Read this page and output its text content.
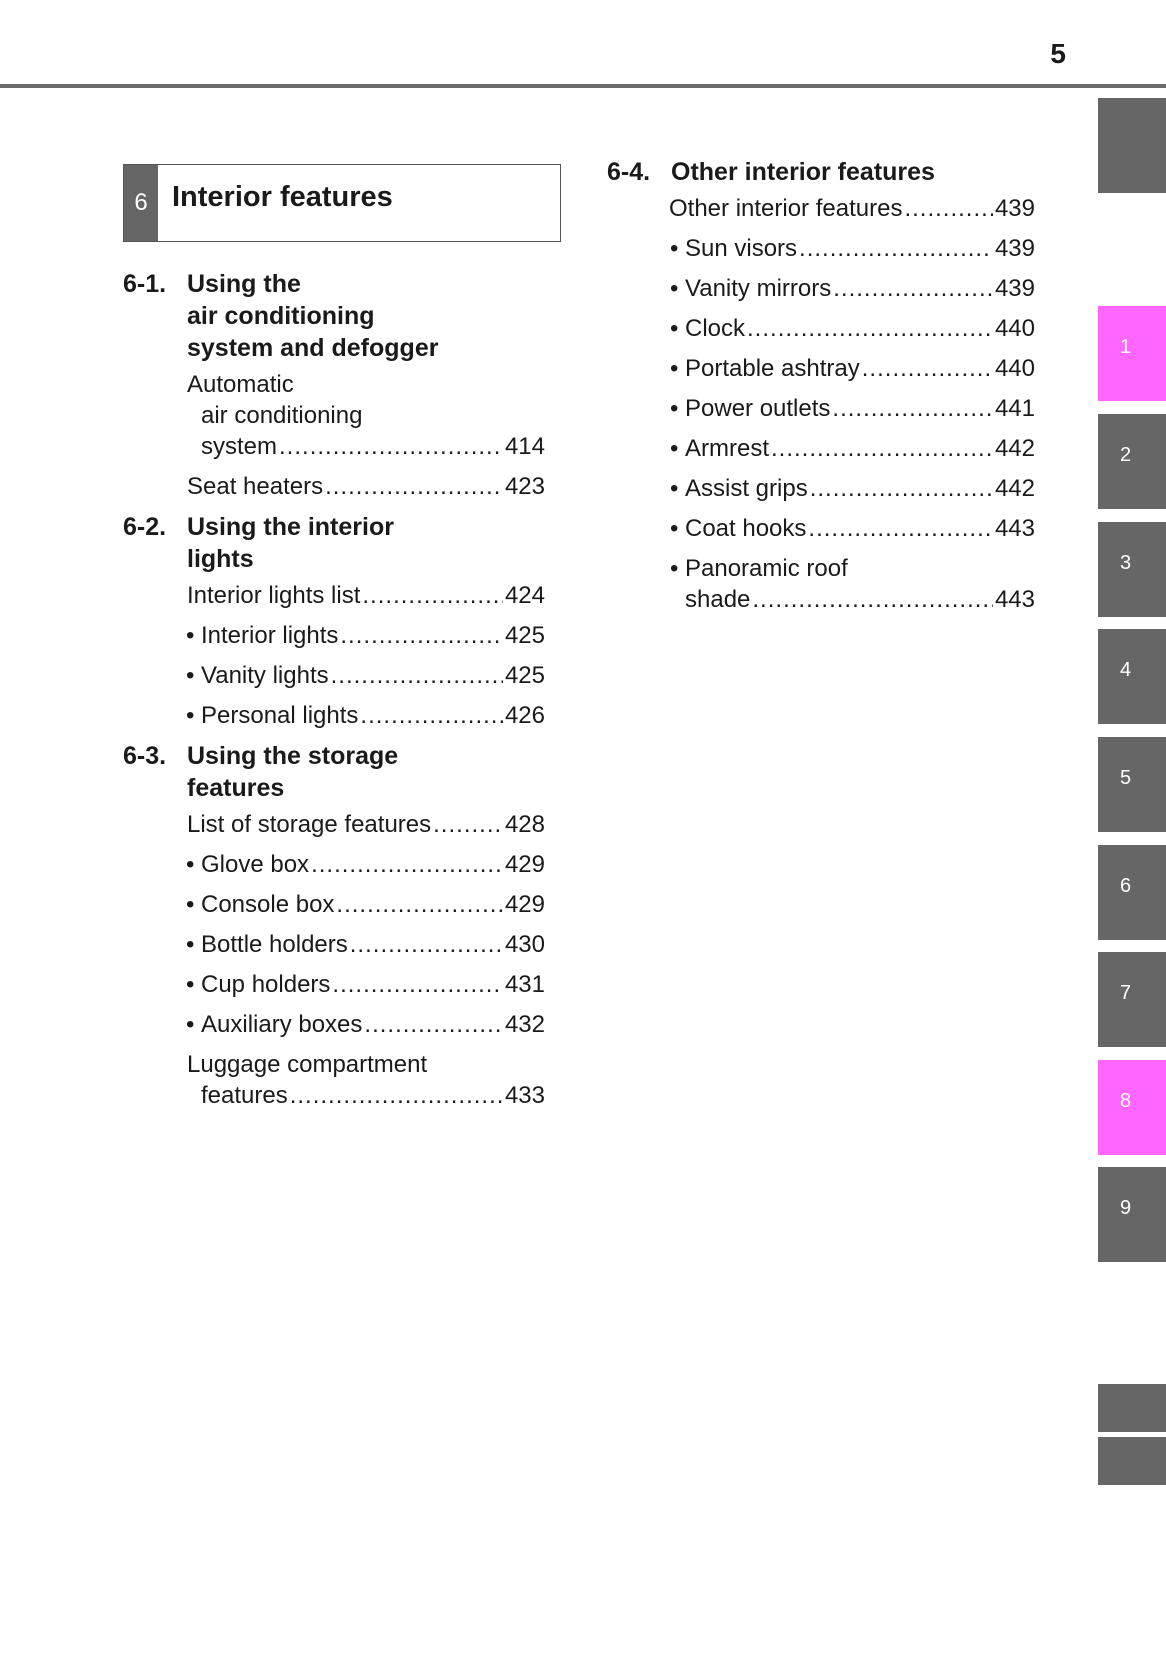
5
1
2
3
4
5
6
7
8
9
6 Interior features
6-1. Using the
air conditioning
system and defogger
Automatic
air conditioning
system .....	414
Seat heaters .....	423
6-2. Using the interior
lights
Interior lights list .....	424
• Interior lights .....	425
• Vanity lights .....	425
• Personal lights .....	426
6-3. Using the storage
features
List of storage features .....	428
• Glove box .....	429
• Console box .....	429
• Bottle holders .....	430
• Cup holders .....	431
• Auxiliary boxes .....	432
Luggage compartment
features .....	433
6-4. Other interior features
Other interior features .....	439
• Sun visors .....	439
• Vanity mirrors .....	439
• Clock .....	440
• Portable ashtray .....	440
• Power outlets .....	441
• Armrest .....	442
• Assist grips .....	442
• Coat hooks .....	443
• Panoramic roof
shade .....	443
